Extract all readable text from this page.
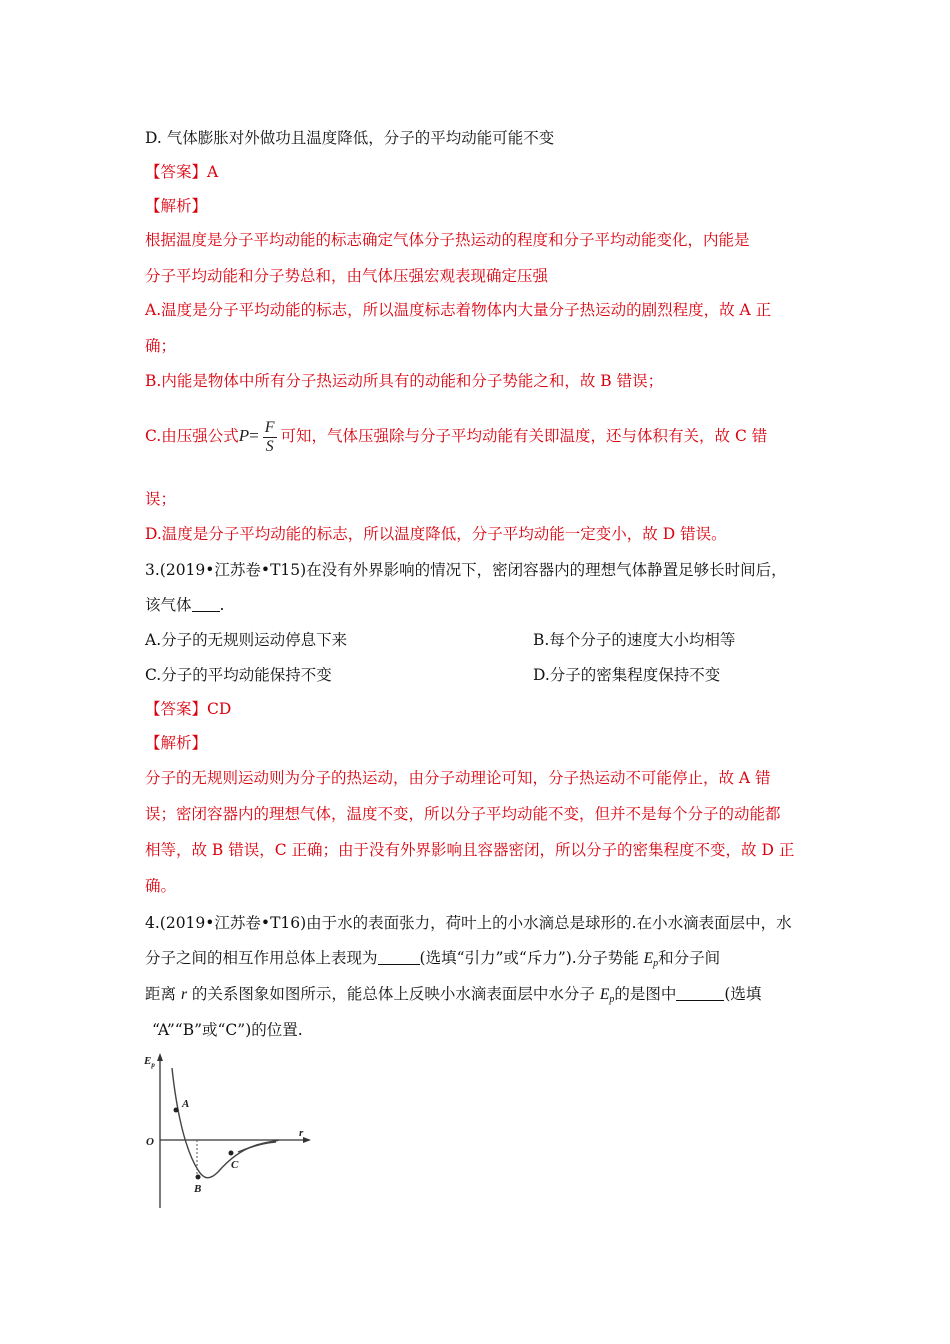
D. 气体膨胀对外做功且温度降低，分子的平均动能可能不变
【答案】A
【解析】
根据温度是分子平均动能的标志确定气体分子热运动的程度和分子平均动能变化，内能是
分子平均动能和分子势总和，由气体压强宏观表现确定压强
A.温度是分子平均动能的标志，所以温度标志着物体内大量分子热运动的剧烈程度，故 A 正
确；
B.内能是物体中所有分子热运动所具有的动能和分子势能之和，故 B 错误；
C.由压强公式$P= \frac{F}{S}$ 可知，气体压强除与分子平均动能有关即温度，还与体积有关，故 C 错
误；
D.温度是分子平均动能的标志，所以温度降低，分子平均动能一定变小，故 D 错误。
3.(2019•江苏卷•T15)在没有外界影响的情况下，密闭容器内的理想气体静置足够长时间后，
该气体 .
A.分子的无规则运动停息下来	B.每个分子的速度大小均相等
C.分子的平均动能保持不变	D.分子的密集程度保持不变
【答案】CD
【解析】
分子的无规则运动则为分子的热运动，由分子动理论可知，分子热运动不可能停止，故 A 错
误；密闭容器内的理想气体，温度不变，所以分子平均动能不变，但并不是每个分子的动能都
相等，故 B 错误，C 正确；由于没有外界影响且容器密闭，所以分子的密集程度不变，故 D 正
确。
4.(2019•江苏卷•T16)由于水的表面张力，荷叶上的小水滴总是球形的.在小水滴表面层中，水
分子之间的相互作用总体上表现为	(选填“引力”或“斥力”).分子势能 $E_p$和分子间
距离 r 的关系图象如图所示，能总体上反映小水滴表面层中水分子 $E_p$的是图中	(选填
“A”“B”或“C”)的位置.
$E_p$
r
O
A
B
C
